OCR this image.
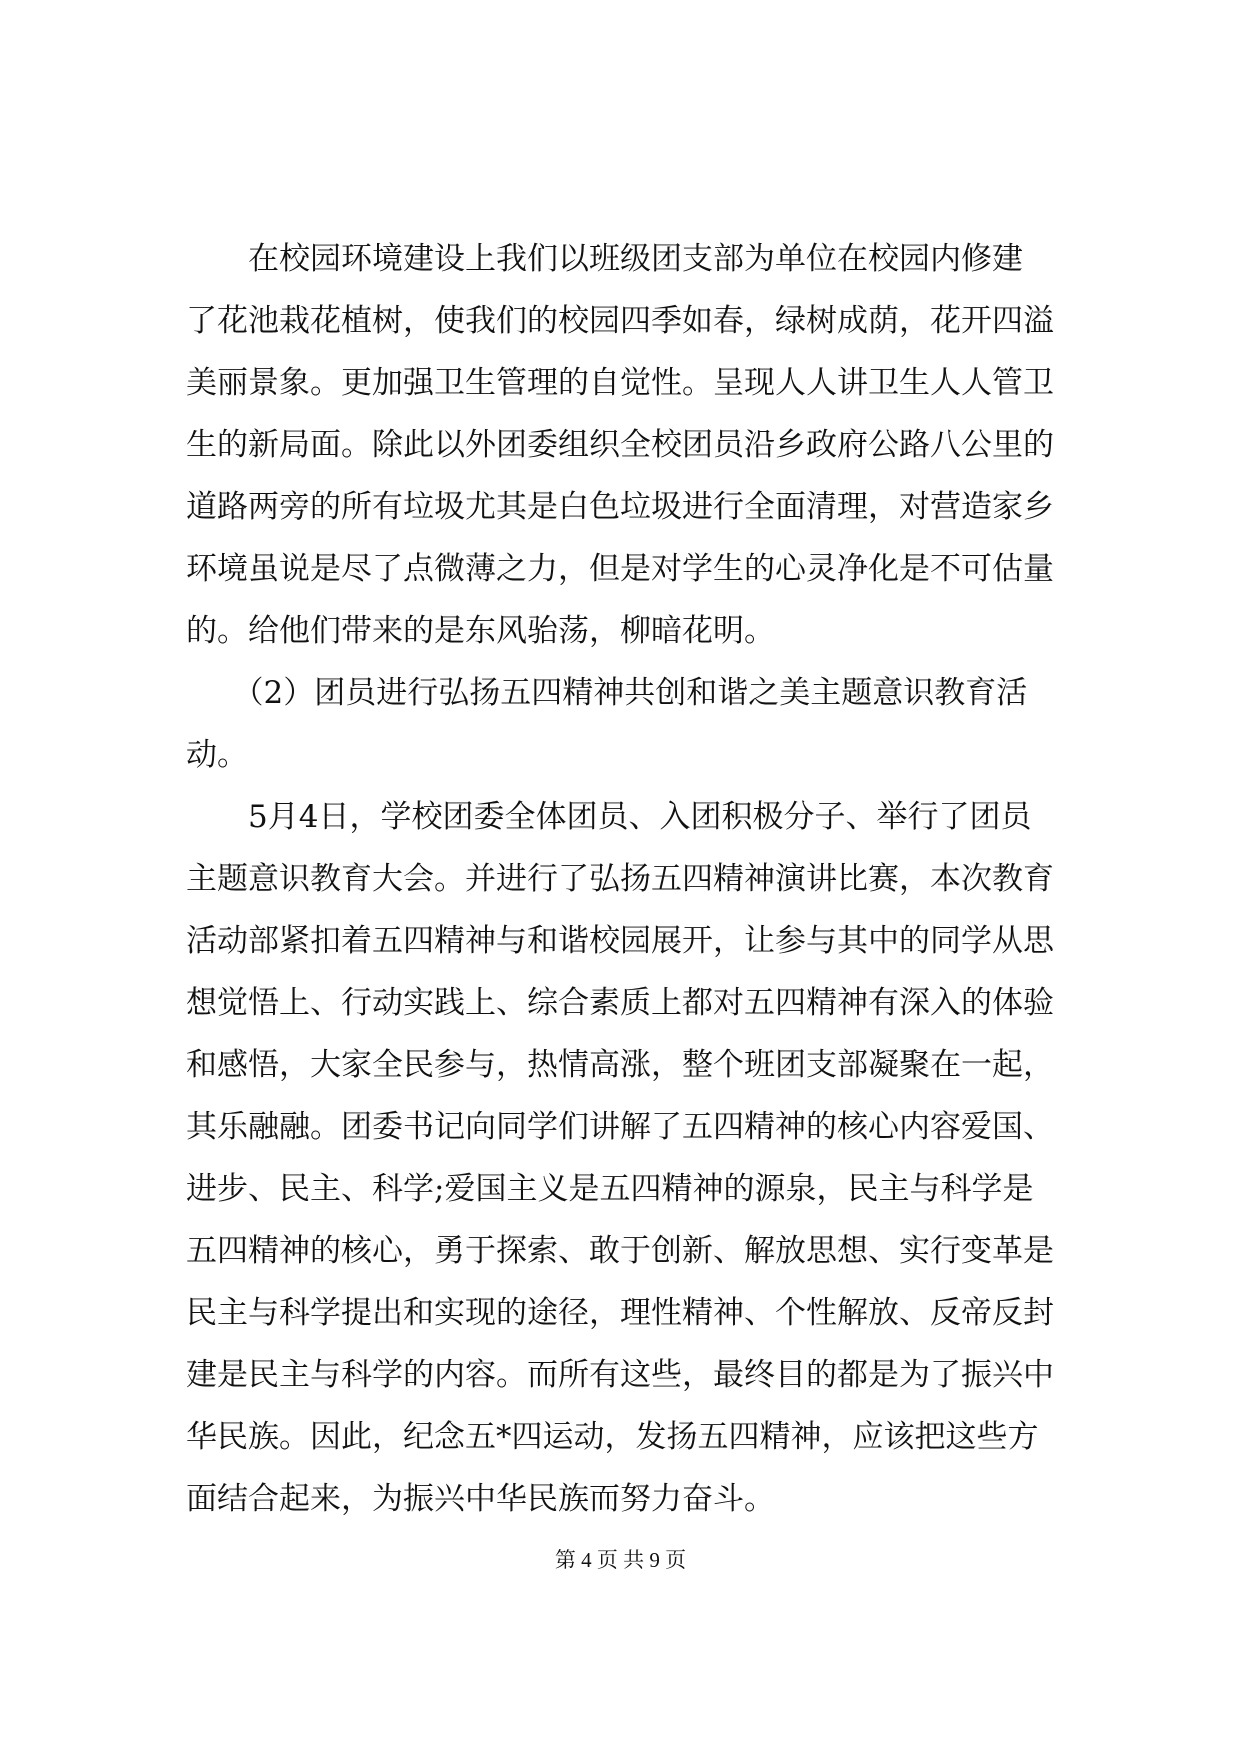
　　在校园环境建设上我们以班级团支部为单位在校园内修建
了花池栽花植树，使我们的校园四季如春，绿树成荫，花开四溢
美丽景象。更加强卫生管理的自觉性。呈现人人讲卫生人人管卫
生的新局面。除此以外团委组织全校团员沿乡政府公路八公里的
道路两旁的所有垃圾尤其是白色垃圾进行全面清理，对营造家乡
环境虽说是尽了点微薄之力，但是对学生的心灵净化是不可估量
的。给他们带来的是东风骀荡，柳暗花明。
　　（2）团员进行弘扬五四精神共创和谐之美主题意识教育活
动。
　　5月4日，学校团委全体团员、入团积极分子、举行了团员
主题意识教育大会。并进行了弘扬五四精神演讲比赛，本次教育
活动部紧扣着五四精神与和谐校园展开，让参与其中的同学从思
想觉悟上、行动实践上、综合素质上都对五四精神有深入的体验
和感悟，大家全民参与，热情高涨，整个班团支部凝聚在一起，
其乐融融。团委书记向同学们讲解了五四精神的核心内容爱国、
进步、民主、科学;爱国主义是五四精神的源泉，民主与科学是
五四精神的核心，勇于探索、敢于创新、解放思想、实行变革是
民主与科学提出和实现的途径，理性精神、个性解放、反帝反封
建是民主与科学的内容。而所有这些，最终目的都是为了振兴中
华民族。因此，纪念五*四运动，发扬五四精神，应该把这些方
面结合起来，为振兴中华民族而努力奋斗。
第 4 页 共 9 页
